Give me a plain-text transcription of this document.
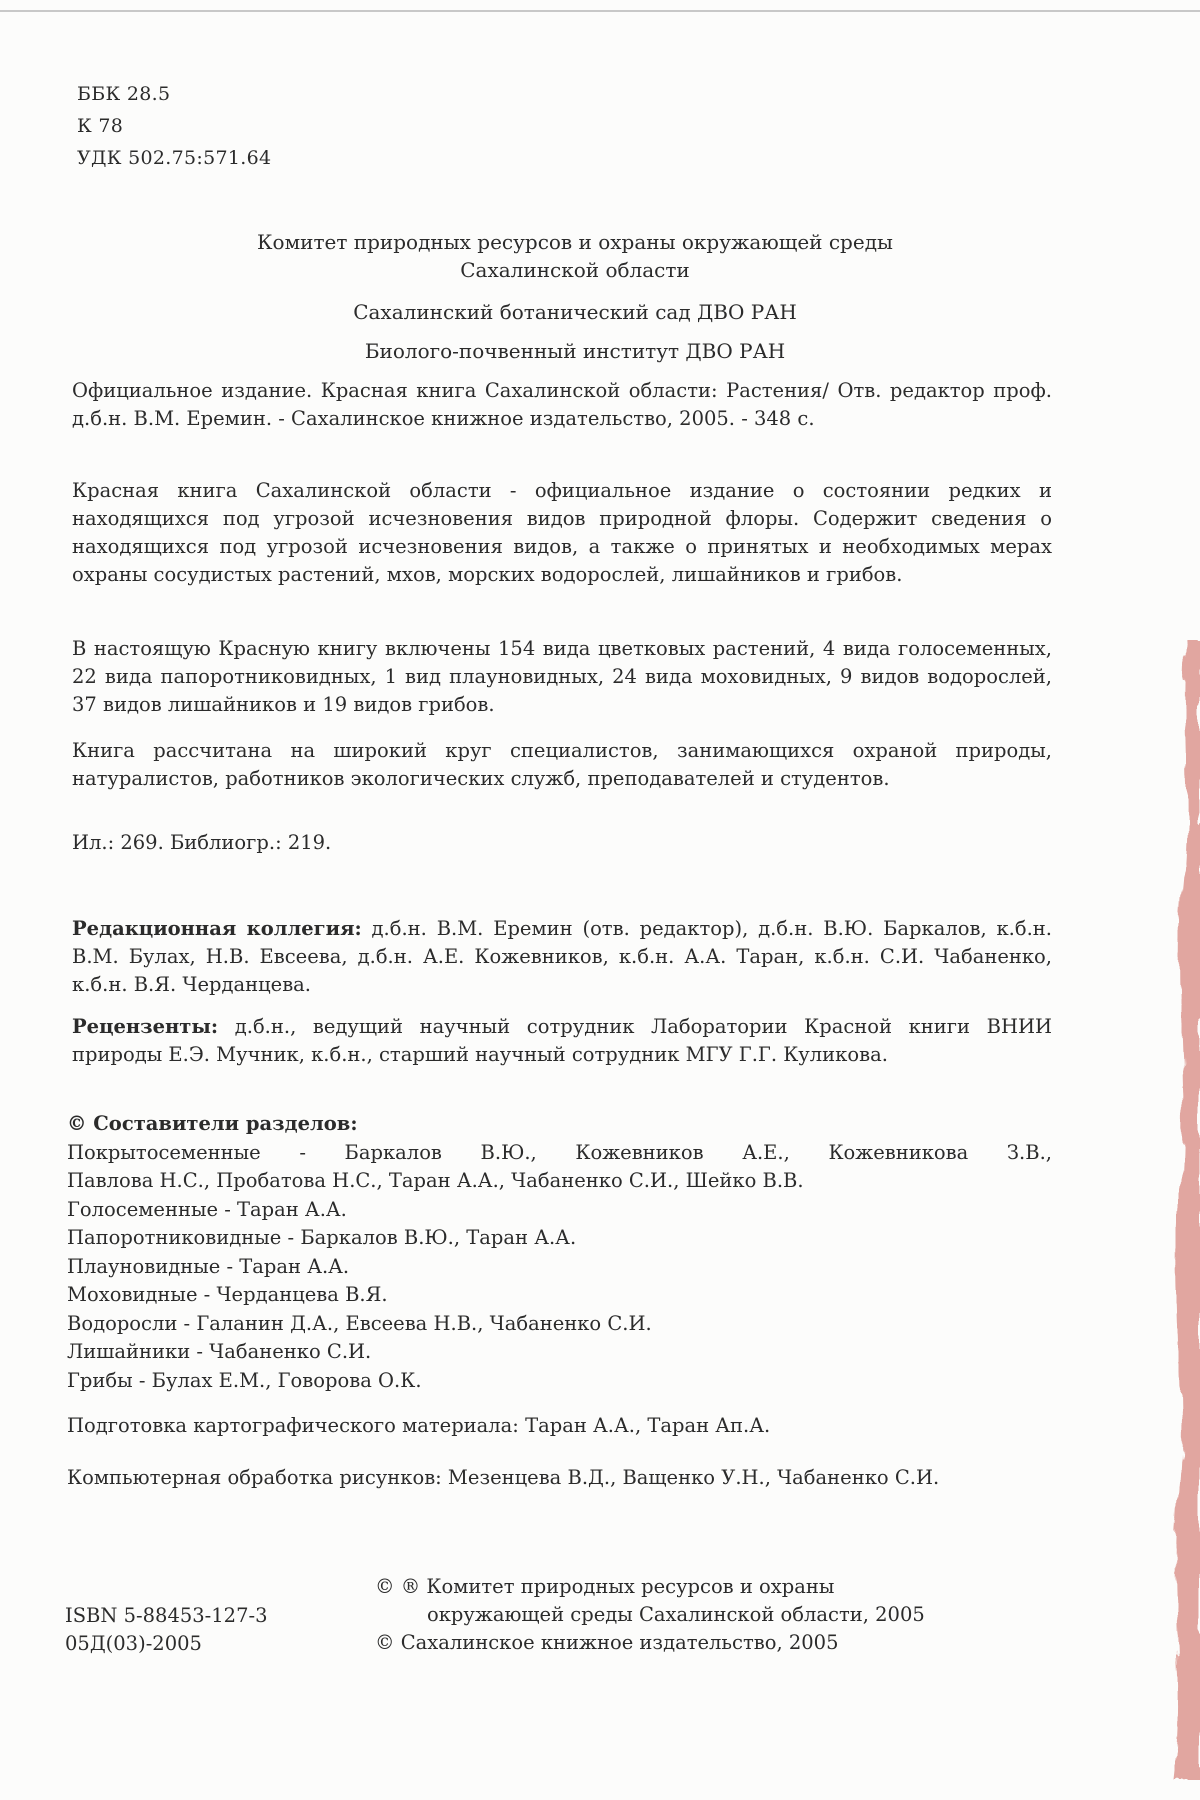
ББК 28.5
К 78
УДК 502.75:571.64
Комитет природных ресурсов и охраны окружающей среды
Сахалинской области
Сахалинский ботанический сад ДВО РАН
Биолого-почвенный институт ДВО РАН
Официальное издание. Красная книга Сахалинской области: Растения/ Отв. редактор проф. д.б.н. В.М. Еремин. - Сахалинское книжное издательство, 2005. - 348 с.
Красная книга Сахалинской области - официальное издание о состоянии редких и находящихся под угрозой исчезновения видов природной флоры. Содержит сведения о находящихся под угрозой исчезновения видов, а также о принятых и необходимых мерах охраны сосудистых растений, мхов, морских водорослей, лишайников и грибов.
В настоящую Красную книгу включены 154 вида цветковых растений, 4 вида голосеменных, 22 вида папоротниковидных, 1 вид плауновидных, 24 вида моховидных, 9 видов водорослей, 37 видов лишайников и 19 видов грибов.
Книга рассчитана на широкий круг специалистов, занимающихся охраной природы, натуралистов, работников экологических служб, преподавателей и студентов.
Ил.: 269. Библиогр.: 219.
Редакционная коллегия: д.б.н. В.М. Еремин (отв. редактор), д.б.н. В.Ю. Баркалов, к.б.н. В.М. Булах, Н.В. Евсеева, д.б.н. А.Е. Кожевников, к.б.н. А.А. Таран, к.б.н. С.И. Чабаненко, к.б.н. В.Я. Черданцева.
Рецензенты: д.б.н., ведущий научный сотрудник Лаборатории Красной книги ВНИИ природы Е.Э. Мучник, к.б.н., старший научный сотрудник МГУ Г.Г. Куликова.
© Составители разделов:
Покрытосеменные - Баркалов В.Ю., Кожевников А.Е., Кожевникова З.В.,
Павлова Н.С., Пробатова Н.С., Таран А.А., Чабаненко С.И., Шейко В.В.
Голосеменные - Таран А.А.
Папоротниковидные - Баркалов В.Ю., Таран А.А.
Плауновидные - Таран А.А.
Моховидные - Черданцева В.Я.
Водоросли - Галанин Д.А., Евсеева Н.В., Чабаненко С.И.
Лишайники - Чабаненко С.И.
Грибы - Булах Е.М., Говорова О.К.
Подготовка картографического материала: Таран А.А., Таран Ап.А.
Компьютерная обработка рисунков: Мезенцева В.Д., Ващенко У.Н., Чабаненко С.И.
ISBN 5-88453-127-3
05Д(03)-2005
© ® Комитет природных ресурсов и охраны
окружающей среды Сахалинской области, 2005
© Сахалинское книжное издательство, 2005
